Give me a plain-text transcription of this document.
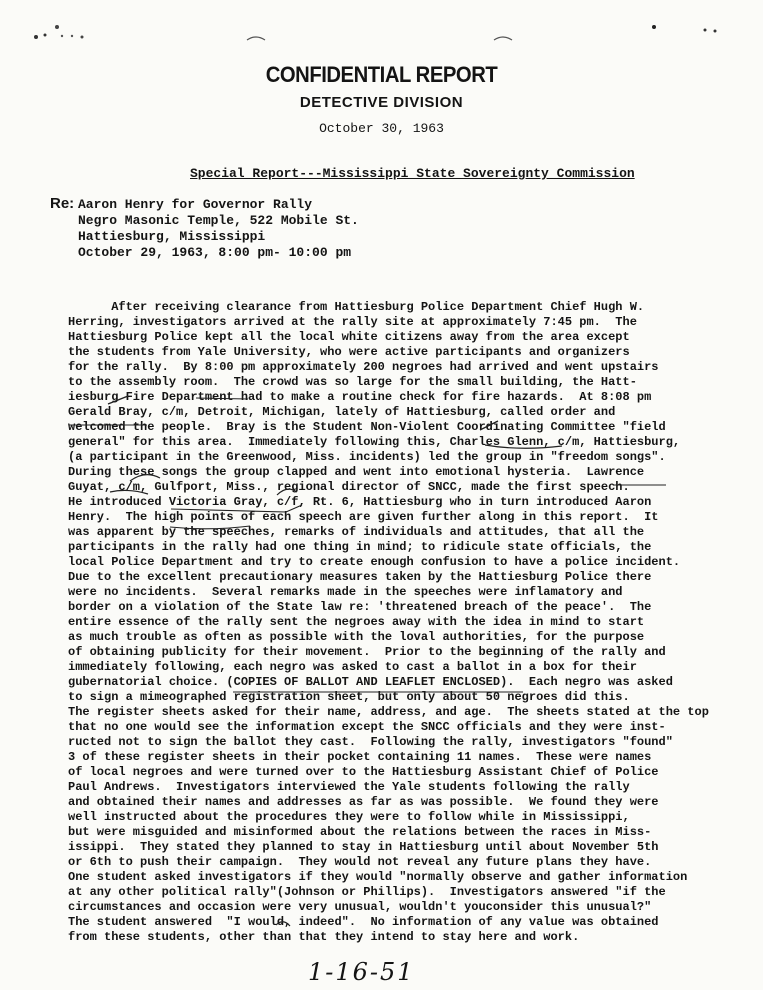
CONFIDENTIAL REPORT
DETECTIVE DIVISION
October 30, 1963
Special Report---Mississippi State Sovereignty Commission
Re: Aaron Henry for Governor Rally
Negro Masonic Temple, 522 Mobile St.
Hattiesburg, Mississippi
October 29, 1963, 8:00 pm- 10:00 pm
After receiving clearance from Hattiesburg Police Department Chief Hugh W.
Herring, investigators arrived at the rally site at approximately 7:45 pm.  The
Hattiesburg Police kept all the local white citizens away from the area except
the students from Yale University, who were active participants and organizers
for the rally.  By 8:00 pm approximately 200 negroes had arrived and went upstairs
to the assembly room.  The crowd was so large for the small building, the Hatt-
iesburg Fire Department had to make a routine check for fire hazards.  At 8:08 pm
Gerald Bray, c/m, Detroit, Michigan, lately of Hattiesburg, called order and
welcomed the people.  Bray is the Student Non-Violent Coordinating Committee "field
general" for this area.  Immediately following this, Charles Glenn, c/m, Hattiesburg,
(a participant in the Greenwood, Miss. incidents) led the group in "freedom songs".
During these songs the group clapped and went into emotional hysteria.  Lawrence
Guyat, c/m, Gulfport, Miss., regional director of SNCC, made the first speech.
He introduced Victoria Gray, c/f, Rt. 6, Hattiesburg who in turn introduced Aaron
Henry.  The high points of each speech are given further along in this report.  It
was apparent by the speeches, remarks of individuals and attitudes, that all the
participants in the rally had one thing in mind; to ridicule state officials, the
local Police Department and try to create enough confusion to have a police incident.
Due to the excellent precautionary measures taken by the Hattiesburg Police there
were no incidents.  Several remarks made in the speeches were inflamatory and
border on a violation of the State law re: 'threatened breach of the peace'.  The
entire essence of the rally sent the negroes away with the idea in mind to start
as much trouble as often as possible with the loval authorities, for the purpose
of obtaining publicity for their movement.  Prior to the beginning of the rally and
immediately following, each negro was asked to cast a ballot in a box for their
gubernatorial choice. (COPIES OF BALLOT AND LEAFLET ENCLOSED).  Each negro was asked
to sign a mimeographed registration sheet, but only about 50 negroes did this.
The register sheets asked for their name, address, and age.  The sheets stated at the top
that no one would see the information except the SNCC officials and they were inst-
ructed not to sign the ballot they cast.  Following the rally, investigators "found"
3 of these register sheets in their pocket containing 11 names.  These were names
of local negroes and were turned over to the Hattiesburg Assistant Chief of Police
Paul Andrews.  Investigators interviewed the Yale students following the rally
and obtained their names and addresses as far as was possible.  We found they were
well instructed about the procedures they were to follow while in Mississippi,
but were misguided and misinformed about the relations between the races in Miss-
issippi.  They stated they planned to stay in Hattiesburg until about November 5th
or 6th to push their campaign.  They would not reveal any future plans they have.
One student asked investigators if they would "normally observe and gather information
at any other political rally"(Johnson or Phillips).  Investigators answered "if the
circumstances and occasion were very unusual, wouldn't youconsider this unusual?"
The student answered  "I would, indeed".  No information of any value was obtained
from these students, other than that they intend to stay here and work.
1-16-51
